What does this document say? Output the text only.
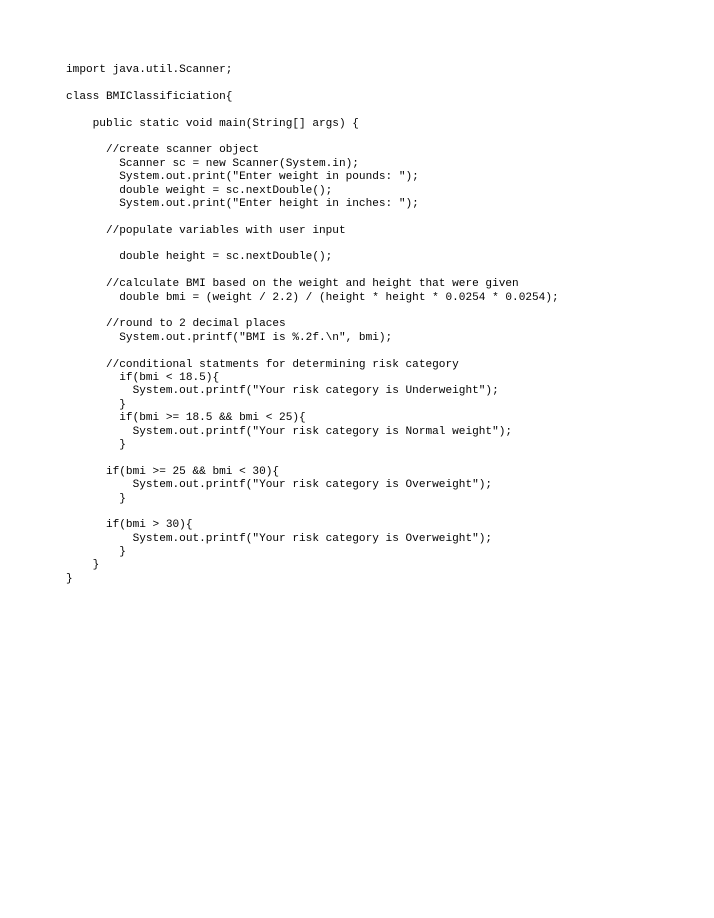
import java.util.Scanner;
class BMIClassificiation{
public static void main(String[] args) {
//create scanner object
Scanner sc = new Scanner(System.in);
System.out.print("Enter weight in pounds: ");
double weight = sc.nextDouble();
System.out.print("Enter height in inches: ");
//populate variables with user input
double height = sc.nextDouble();
//calculate BMI based on the weight and height that were given
double bmi = (weight / 2.2) / (height * height * 0.0254 * 0.0254);
//round to 2 decimal places
System.out.printf("BMI is %.2f.\n", bmi);
//conditional statments for determining risk category
if(bmi < 18.5){
System.out.printf("Your risk category is Underweight");
}
if(bmi >= 18.5 && bmi < 25){
System.out.printf("Your risk category is Normal weight");
}
if(bmi >= 25 && bmi < 30){
System.out.printf("Your risk category is Overweight");
}
if(bmi > 30){
System.out.printf("Your risk category is Overweight");
}
}
}
